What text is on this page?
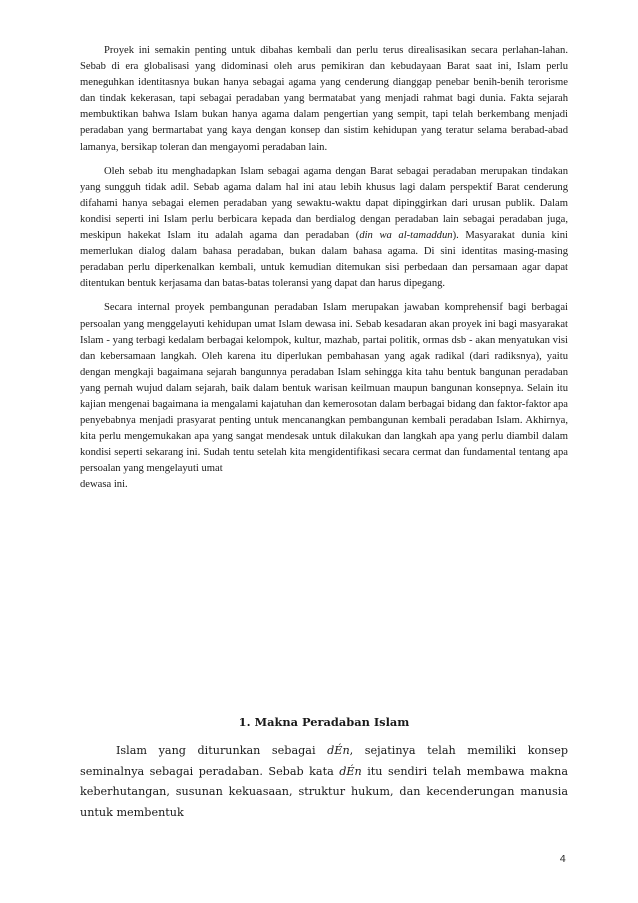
Proyek ini semakin penting untuk dibahas kembali dan perlu terus direalisasikan secara perlahan-lahan. Sebab di era globalisasi yang didominasi oleh arus pemikiran dan kebudayaan Barat saat ini, Islam perlu meneguhkan identitasnya bukan hanya sebagai agama yang cenderung dianggap penebar benih-benih terorisme dan tindak kekerasan, tapi sebagai peradaban yang bermatabat yang menjadi rahmat bagi dunia. Fakta sejarah membuktikan bahwa Islam bukan hanya agama dalam pengertian yang sempit, tapi telah berkembang menjadi peradaban yang bermartabat yang kaya dengan konsep dan sistim kehidupan yang teratur selama berabad-abad lamanya, bersikap toleran dan mengayomi peradaban lain.

Oleh sebab itu menghadapkan Islam sebagai agama dengan Barat sebagai peradaban merupakan tindakan yang sungguh tidak adil. Sebab agama dalam hal ini atau lebih khusus lagi dalam perspektif Barat cenderung difahami hanya sebagai elemen peradaban yang sewaktu-waktu dapat dipinggirkan dari urusan publik. Dalam kondisi seperti ini Islam perlu berbicara kepada dan berdialog dengan peradaban lain sebagai peradaban juga, meskipun hakekat Islam itu adalah agama dan peradaban (din wa al-tamaddun). Masyarakat dunia kini memerlukan dialog dalam bahasa peradaban, bukan dalam bahasa agama. Di sini identitas masing-masing peradaban perlu diperkenalkan kembali, untuk kemudian ditemukan sisi perbedaan dan persamaan agar dapat ditentukan bentuk kerjasama dan batas-batas toleransi yang dapat dan harus dipegang.

Secara internal proyek pembangunan peradaban Islam merupakan jawaban komprehensif bagi berbagai persoalan yang menggelayuti kehidupan umat Islam dewasa ini. Sebab kesadaran akan proyek ini bagi masyarakat Islam - yang terbagi kedalam berbagai kelompok, kultur, mazhab, partai politik, ormas dsb - akan menyatukan visi dan kebersamaan langkah. Oleh karena itu diperlukan pembahasan yang agak radikal (dari radiksnya), yaitu dengan mengkaji bagaimana sejarah bangunnya peradaban Islam sehingga kita tahu bentuk bangunan peradaban yang pernah wujud dalam sejarah, baik dalam bentuk warisan keilmuan maupun bangunan konsepnya. Selain itu kajian mengenai bagaimana ia mengalami kajatuhan dan kemerosotan dalam berbagai bidang dan faktor-faktor apa penyebabnya menjadi prasyarat penting untuk mencanangkan pembangunan kembali peradaban Islam. Akhirnya, kita perlu mengemukakan apa yang sangat mendesak untuk dilakukan dan langkah apa yang perlu diambil dalam kondisi seperti sekarang ini. Sudah tentu setelah kita mengidentifikasi secara cermat dan fundamental tentang apa persoalan yang mengelayuti umat
dewasa ini.

1. Makna Peradaban Islam

Islam yang diturunkan sebagai dÉn, sejatinya telah memiliki konsep seminalnya sebagai peradaban. Sebab kata dÉn itu sendiri telah membawa makna keberhutangan, susunan kekuasaan, struktur hukum, dan kecenderungan manusia untuk membentuk

4
